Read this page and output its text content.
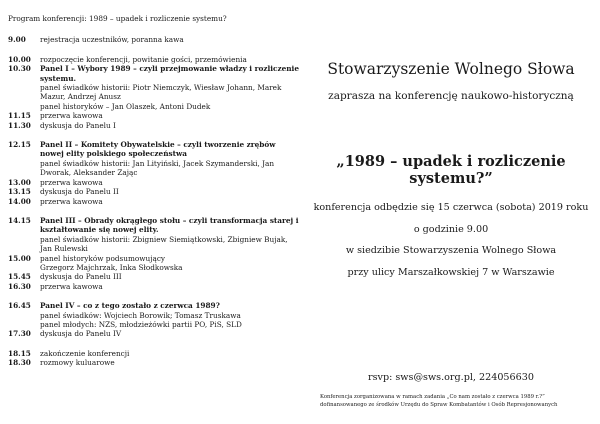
Program konferencji: 1989 – upadek i rozliczenie systemu?
9.00	rejestracja uczestników, poranna kawa
10.00	rozpoczęcie konferencji, powitanie gości, przemówienia
10.30	Panel I – Wybory 1989 – czyli przejmowanie władzy i rozliczenie systemu.
panel świadków historii: Piotr Niemczyk, Wiesław Johann, Marek Mazur, Andrzej Anusz
panel historyków – Jan Olaszek, Antoni Dudek
11.15	przerwa kawowa
11.30	dyskusja do Panelu I
12.15	Panel II – Komitety Obywatelskie – czyli tworzenie zrębów nowej elity polskiego społeczeństwa
panel świadków historii: Jan Lityiński, Jacek Szymanderski, Jan Dworak, Aleksander Zając
13.00	przerwa kawowa
13.15	dyskusja do Panelu II
14.00	przerwa kawowa
14.15	Panel III – Obrady okrągłego stołu – czyli transformacja starej i kształtowanie się nowej elity.
panel świadków historii: Zbigniew Siemiątkowski, Zbigniew Bujak, Jan Rulewski
15.00	panel historyków podsumowujący
Grzegorz Majchrzak, Inka Słodkowska
15.45	dyskusja do Panelu III
16.30	przerwa kawowa
16.45	Panel IV – co z tego zostało z czerwca 1989?
panel świadków: Wojciech Borowik; Tomasz Truskawa
panel młodych: NZS, młodzieżówki partii PO, PiS, SLD
17.30	dyskusja do Panelu IV
18.15	zakończenie konferencji
18.30	rozmowy kuluarowe
Stowarzyszenie Wolnego Słowa
zaprasza na konferencję naukowo-historyczną
„1989 – upadek i rozliczenie systemu?”
konferencja odbędzie się 15 czerwca (sobota) 2019 roku
o godzinie 9.00
w siedzibie Stowarzyszenia Wolnego Słowa
przy ulicy Marszałkowskiej 7 w Warszawie
rsvp: sws@sws.org.pl, 224056630
Konferencja zorganizowana w ramach zadania „Co nam zostało z czerwca 1989 r.?”
dofinansowanego ze środków Urzędu do Spraw Kombatantów i Osób Represjonowanych
